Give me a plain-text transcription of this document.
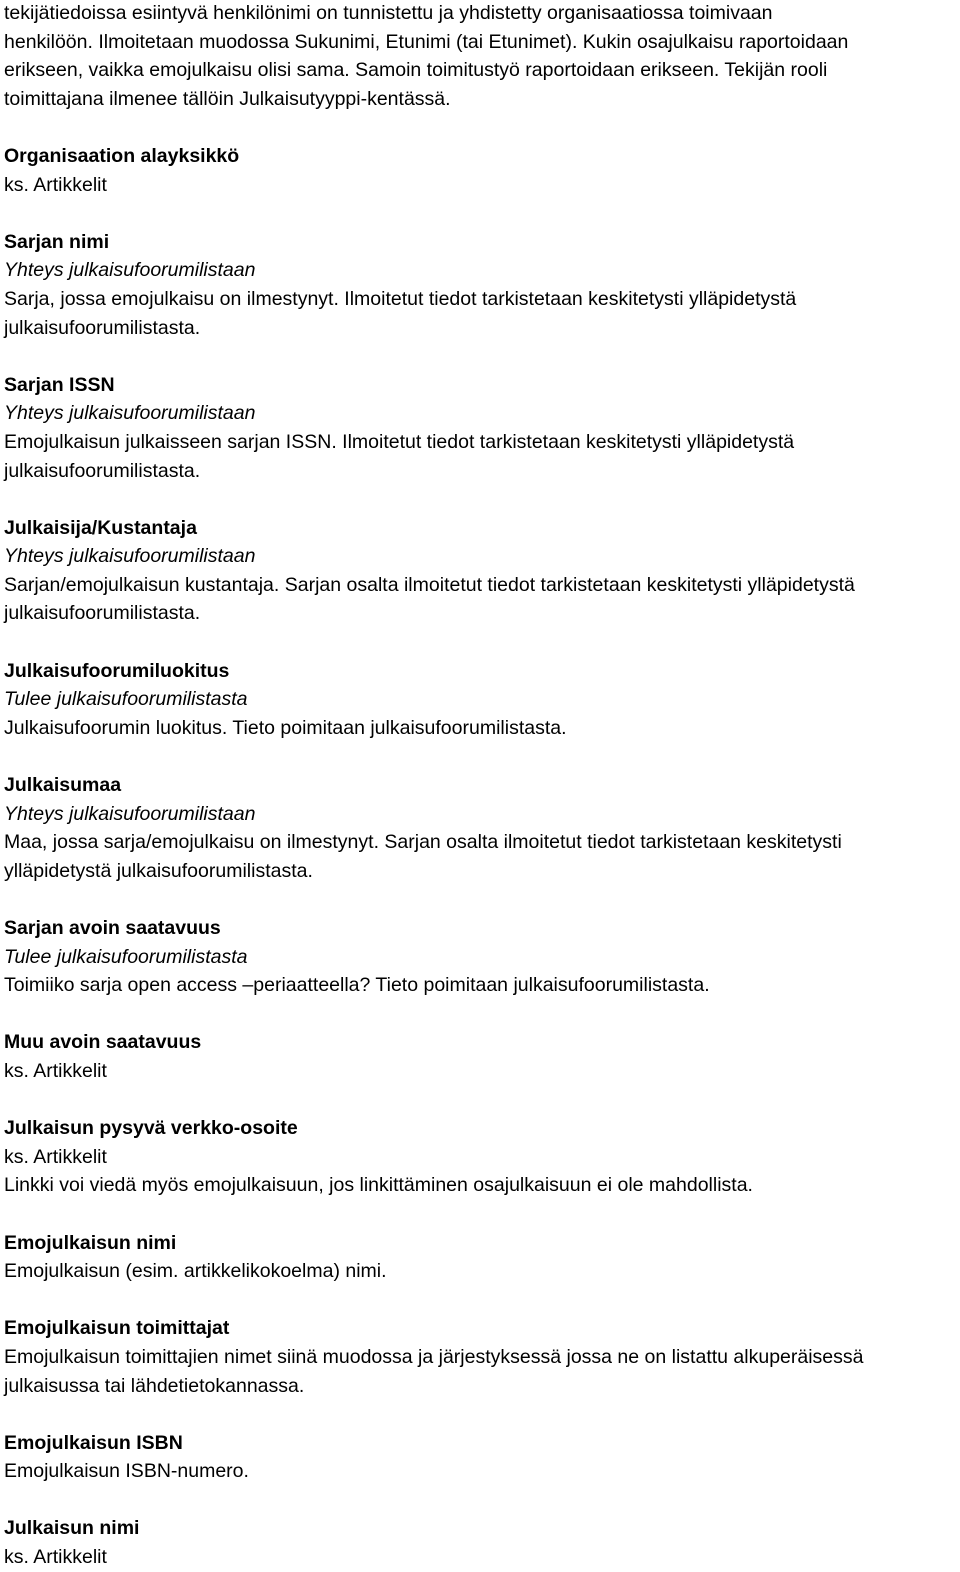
tekijätiedoissa esiintyvä henkilönimi on tunnistettu ja yhdistetty organisaatiossa toimivaan
henkilöön. Ilmoitetaan muodossa Sukunimi, Etunimi (tai Etunimet). Kukin osajulkaisu raportoidaan
erikseen, vaikka emojulkaisu olisi sama. Samoin toimitustyö raportoidaan erikseen. Tekijän rooli
toimittajana ilmenee tällöin Julkaisutyyppi-kentässä.
Organisaation alayksikkö
ks. Artikkelit
Sarjan nimi
Yhteys julkaisufoorumilistaan
Sarja, jossa emojulkaisu on ilmestynyt. Ilmoitetut tiedot tarkistetaan keskitetysti ylläpidetystä
julkaisufoorumilistasta.
Sarjan ISSN
Yhteys julkaisufoorumilistaan
Emojulkaisun julkaisseen sarjan ISSN. Ilmoitetut tiedot tarkistetaan keskitetysti ylläpidetystä
julkaisufoorumilistasta.
Julkaisija/Kustantaja
Yhteys julkaisufoorumilistaan
Sarjan/emojulkaisun kustantaja. Sarjan osalta ilmoitetut tiedot tarkistetaan keskitetysti ylläpidetystä
julkaisufoorumilistasta.
Julkaisufoorumiluokitus
Tulee julkaisufoorumilistasta
Julkaisufoorumin luokitus. Tieto poimitaan julkaisufoorumilistasta.
Julkaisumaa
Yhteys julkaisufoorumilistaan
Maa, jossa sarja/emojulkaisu on ilmestynyt. Sarjan osalta ilmoitetut tiedot tarkistetaan keskitetysti
ylläpidetystä julkaisufoorumilistasta.
Sarjan avoin saatavuus
Tulee julkaisufoorumilistasta
Toimiiko sarja open access –periaatteella? Tieto poimitaan julkaisufoorumilistasta.
Muu avoin saatavuus
ks. Artikkelit
Julkaisun pysyvä verkko-osoite
ks. Artikkelit
Linkki voi viedä myös emojulkaisuun, jos linkittäminen osajulkaisuun ei ole mahdollista.
Emojulkaisun nimi
Emojulkaisun (esim. artikkelikokoelma) nimi.
Emojulkaisun toimittajat
Emojulkaisun toimittajien nimet siinä muodossa ja järjestyksessä jossa ne on listattu alkuperäisessä
julkaisussa tai lähdetietokannassa.
Emojulkaisun ISBN
Emojulkaisun ISBN-numero.
Julkaisun nimi
ks. Artikkelit
